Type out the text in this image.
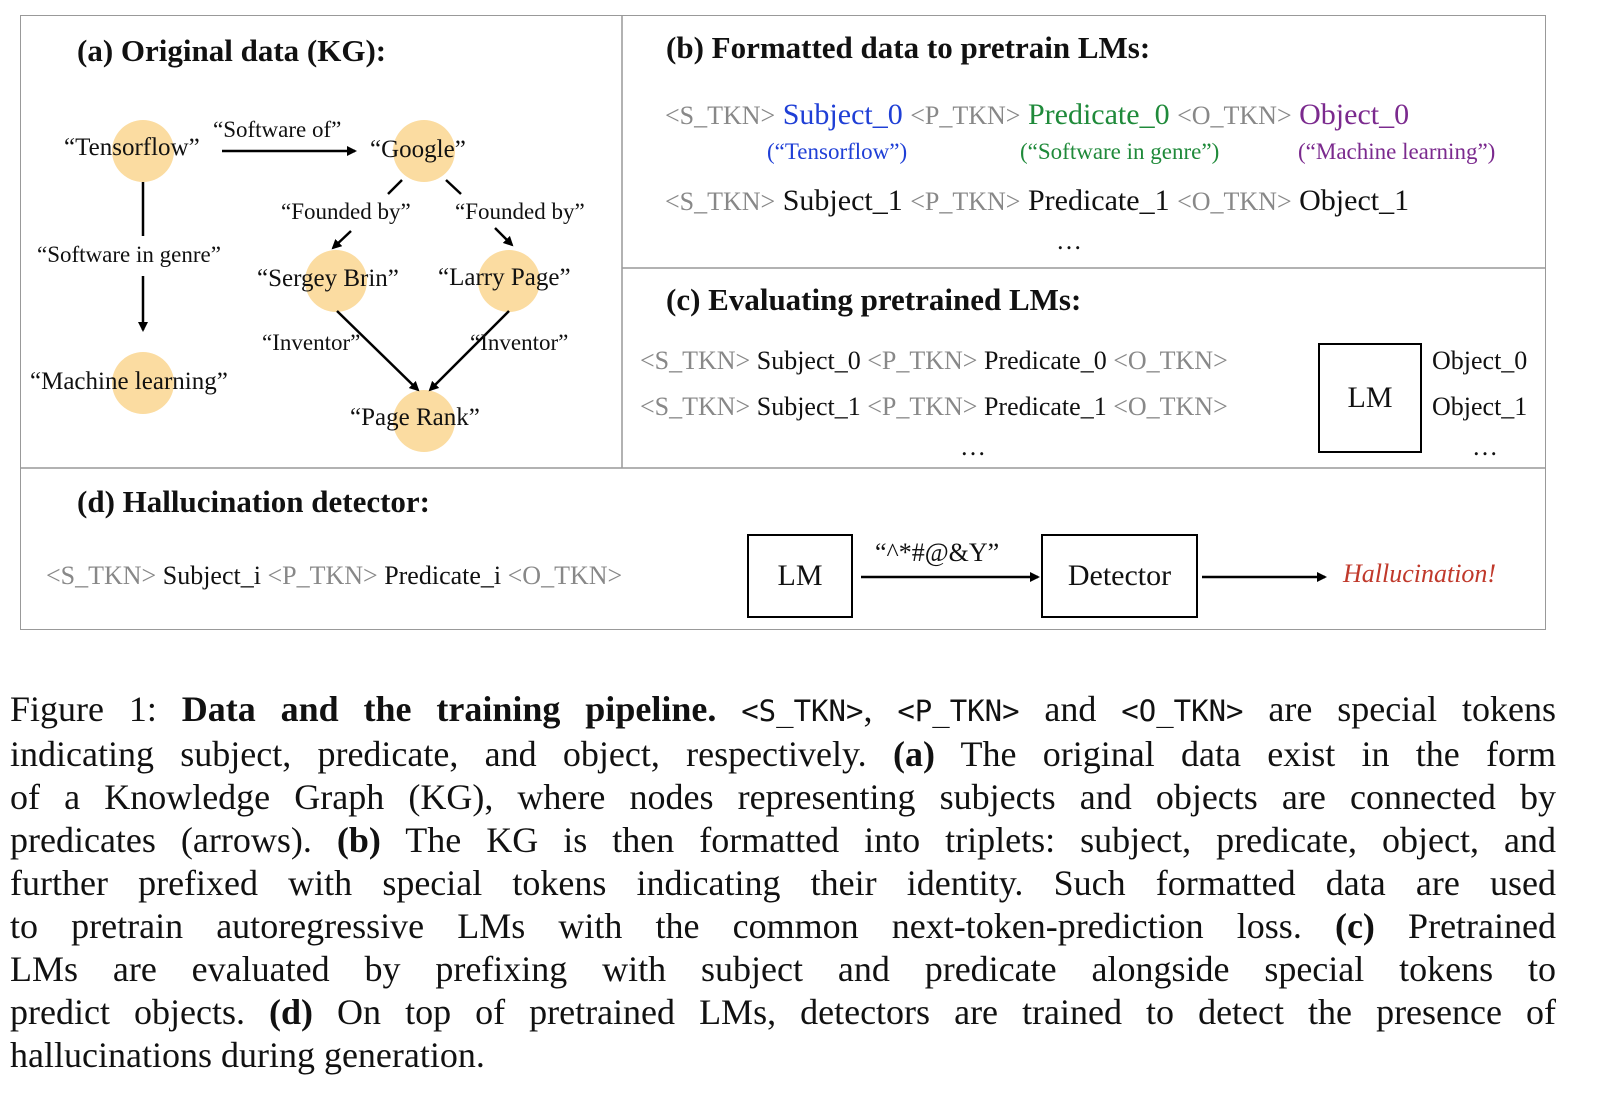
(a) Original data (KG):
“Tensorflow”	“Google”
“Machine learning”
“Sergey Brin” “Larry Page”
“Page Rank”
“Software of”
“Software in genre”
“Founded by” “Founded by”
“Inventor”	“Inventor”
(b) Formatted data to pretrain LMs:
<S_TKN> Subject_0 <P_TKN> Predicate_0 <O_TKN> Object_0
(“Tensorflow”)	(“Software in genre”)	(“Machine learning”)
<S_TKN> Subject_1 <P_TKN> Predicate_1 <O_TKN> Object_1
…
(c) Evaluating pretrained LMs:
<S_TKN> Subject_0 <P_TKN> Predicate_0 <O_TKN>
<S_TKN> Subject_1 <P_TKN> Predicate_1 <O_TKN>
…
LM
Object_0
Object_1
…
(d) Hallucination detector:
<S_TKN> Subject_i <P_TKN> Predicate_i <O_TKN>	LM
“^*#@&Y”
Detector	Hallucination!
Figure 1: Data and the training pipeline. <S_TKN>, <P_TKN> and <O_TKN> are special tokens
indicating subject, predicate, and object, respectively. (a) The original data exist in the form
of a Knowledge Graph (KG), where nodes representing subjects and objects are connected by
predicates (arrows). (b) The KG is then formatted into triplets: subject, predicate, object, and
further prefixed with special tokens indicating their identity. Such formatted data are used
to pretrain autoregressive LMs with the common next-token-prediction loss. (c) Pretrained
LMs are evaluated by prefixing with subject and predicate alongside special tokens to
predict objects. (d) On top of pretrained LMs, detectors are trained to detect the presence of
hallucinations during generation.
